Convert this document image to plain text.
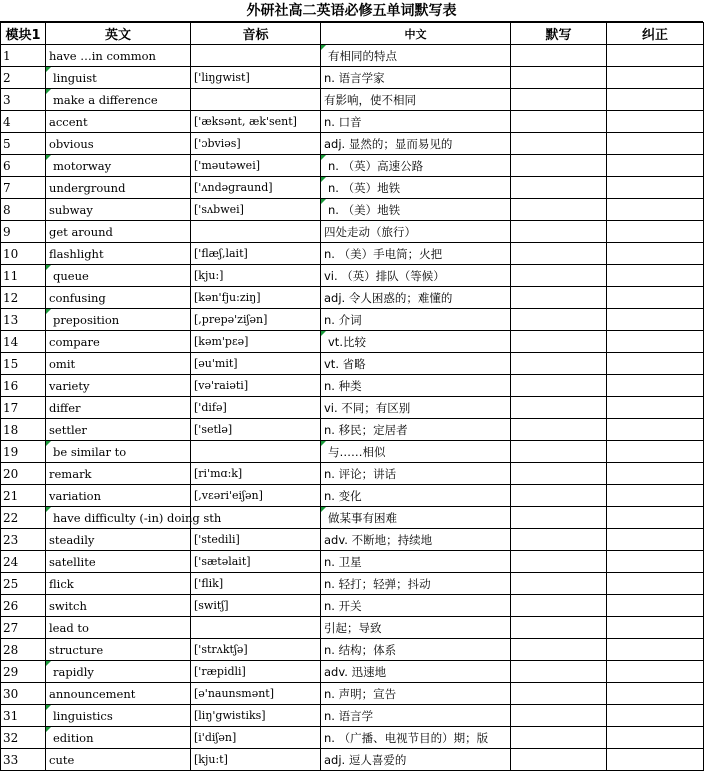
外研社高二英语必修五单词默写表
模块1	英文	音标	中文	默写	纠正
1	have …in common		有相同的特点		
2	linguist	['liŋɡwist]	n. 语言学家		
3	make a difference		有影响，使不相同		
4	accent	['æksənt, æk'sent]	n. 口音		
5	obvious	['ɔbviəs]	adj. 显然的；显而易见的		
6	motorway	['məutəwei]	n. （英）高速公路		
7	underground	['ʌndəɡraund]	n. （英）地铁		
8	subway	['sʌbwei]	n. （美）地铁		
9	get around		四处走动（旅行）		
10	flashlight	['flæʃ,lait]	n. （美）手电筒；火把		
11	queue	[kju:]	vi. （英）排队（等候）		
12	confusing	[kən'fju:ziŋ]	adj. 令人困惑的；难懂的		
13	preposition	[,prepə'ziʃən]	n. 介词		
14	compare	[kəm'pɛə]	vt.比较		
15	omit	[əu'mit]	vt. 省略		
16	variety	[və'raiəti]	n. 种类		
17	differ	['difə]	vi. 不同；有区别		
18	settler	['setlə]	n. 移民；定居者		
19	be similar to		与……相似		
20	remark	[ri'mɑ:k]	n. 评论；讲话		
21	variation	[,vɛəri'eiʃən]	n. 变化		
22	have difficulty (-in) doing sth		做某事有困难		
23	steadily	['stedili]	adv. 不断地；持续地		
24	satellite	['sætəlait]	n. 卫星		
25	flick	['flik]	n. 轻打；轻弹；抖动		
26	switch	[switʃ]	n. 开关		
27	lead to		引起；导致		
28	structure	['strʌktʃə]	n. 结构；体系		
29	rapidly	['ræpidli]	adv. 迅速地		
30	announcement	[ə'naunsmənt]	n. 声明；宣告		
31	linguistics	[liŋ'gwistiks]	n. 语言学		
32	edition	[i'diʃən]	n. （广播、电视节目的）期；版		
33	cute	[kju:t]	adj. 逗人喜爱的		
